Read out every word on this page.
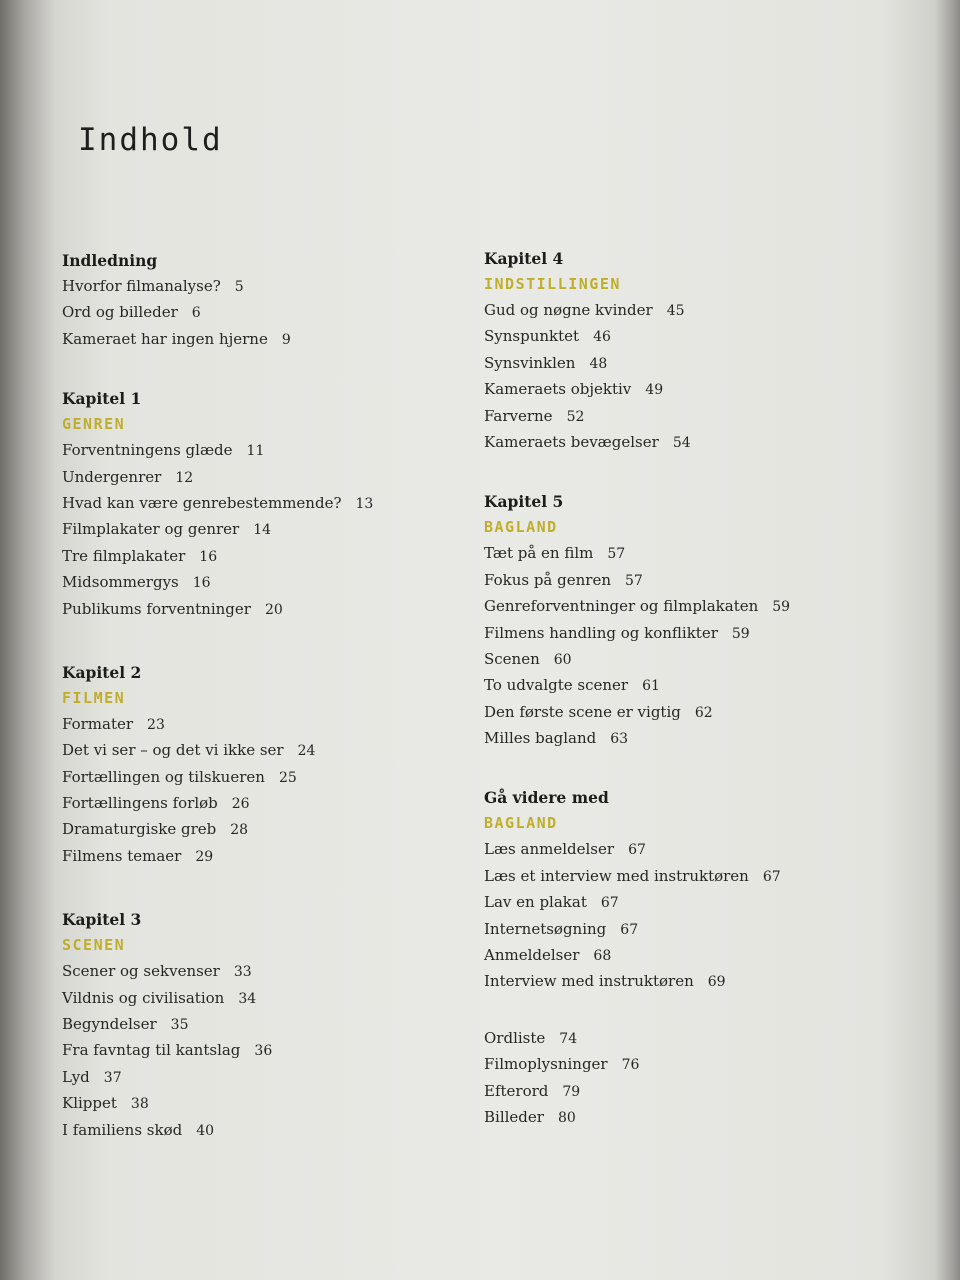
Indhold
Indledning
Hvorfor filmanalyse? 5
Ord og billeder 6
Kameraet har ingen hjerne 9
Kapitel 1
GENREN
Forventningens glæde 11
Undergenrer 12
Hvad kan være genrebestemmende? 13
Filmplakater og genrer 14
Tre filmplakater 16
Midsommergys 16
Publikums forventninger 20
Kapitel 2
FILMEN
Formater 23
Det vi ser – og det vi ikke ser 24
Fortællingen og tilskueren 25
Fortællingens forløb 26
Dramaturgiske greb 28
Filmens temaer 29
Kapitel 3
SCENEN
Scener og sekvenser 33
Vildnis og civilisation 34
Begyndelser 35
Fra favntag til kantslag 36
Lyd 37
Klippet 38
I familiens skød 40
Kapitel 4
INDSTILLINGEN
Gud og nøgne kvinder 45
Synspunktet 46
Synsvinklen 48
Kameraets objektiv 49
Farverne 52
Kameraets bevægelser 54
Kapitel 5
BAGLAND
Tæt på en film 57
Fokus på genren 57
Genreforventninger og filmplakaten 59
Filmens handling og konflikter 59
Scenen 60
To udvalgte scener 61
Den første scene er vigtig 62
Milles bagland 63
Gå videre med
BAGLAND
Læs anmeldelser 67
Læs et interview med instruktøren 67
Lav en plakat 67
Internetsøgning 67
Anmeldelser 68
Interview med instruktøren 69
Ordliste 74
Filmoplysninger 76
Efterord 79
Billeder 80
